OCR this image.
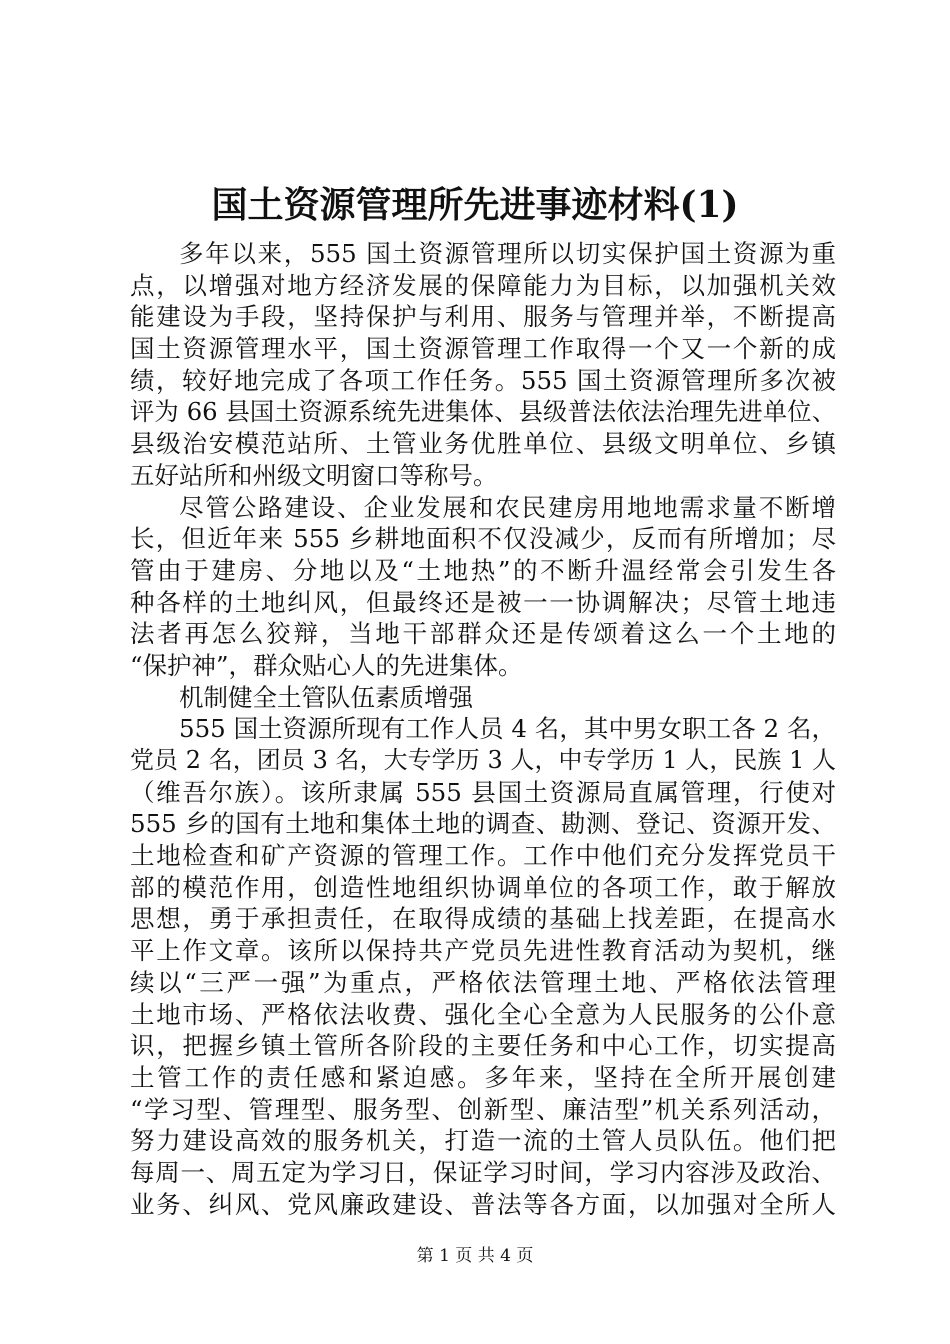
国土资源管理所先进事迹材料(1)
多年以来，555 国土资源管理所以切实保护国土资源为重
点，以增强对地方经济发展的保障能力为目标，以加强机关效
能建设为手段，坚持保护与利用、服务与管理并举，不断提高
国土资源管理水平，国土资源管理工作取得一个又一个新的成
绩，较好地完成了各项工作任务。555 国土资源管理所多次被
评为 66 县国土资源系统先进集体、县级普法依法治理先进单位、
县级治安模范站所、土管业务优胜单位、县级文明单位、乡镇
五好站所和州级文明窗口等称号。
尽管公路建设、企业发展和农民建房用地地需求量不断增
长，但近年来 555 乡耕地面积不仅没减少，反而有所增加；尽
管由于建房、分地以及“土地热”的不断升温经常会引发生各
种各样的土地纠风，但最终还是被一一协调解决；尽管土地违
法者再怎么狡辩，当地干部群众还是传颂着这么一个土地的
“保护神”，群众贴心人的先进集体。
机制健全土管队伍素质增强
555 国土资源所现有工作人员 4 名，其中男女职工各 2 名，
党员 2 名，团员 3 名，大专学历 3 人，中专学历 1 人，民族 1 人
（维吾尔族）。该所隶属 555 县国土资源局直属管理，行使对
555 乡的国有土地和集体土地的调查、勘测、登记、资源开发、
土地检查和矿产资源的管理工作。工作中他们充分发挥党员干
部的模范作用，创造性地组织协调单位的各项工作，敢于解放
思想，勇于承担责任，在取得成绩的基础上找差距，在提高水
平上作文章。该所以保持共产党员先进性教育活动为契机，继
续以“三严一强”为重点，严格依法管理土地、严格依法管理
土地市场、严格依法收费、强化全心全意为人民服务的公仆意
识，把握乡镇土管所各阶段的主要任务和中心工作，切实提高
土管工作的责任感和紧迫感。多年来，坚持在全所开展创建
“学习型、管理型、服务型、创新型、廉洁型”机关系列活动，
努力建设高效的服务机关，打造一流的土管人员队伍。他们把
每周一、周五定为学习日，保证学习时间，学习内容涉及政治、
业务、纠风、党风廉政建设、普法等各方面，以加强对全所人
第 1 页 共 4 页
